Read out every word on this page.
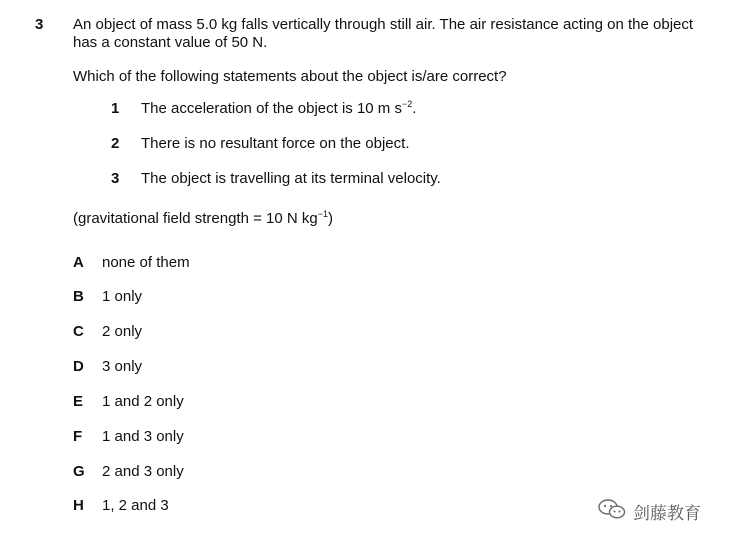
3 An object of mass 5.0 kg falls vertically through still air. The air resistance acting on the object has a constant value of 50 N.
Which of the following statements about the object is/are correct?
1 The acceleration of the object is 10 m $s^{-2}$.
2 There is no resultant force on the object.
3 The object is travelling at its terminal velocity.
(gravitational field strength = 10 N $kg^{-1}$)
A none of them
B 1 only
C 2 only
D 3 only
E 1 and 2 only
F 1 and 3 only
G 2 and 3 only
H 1, 2 and 3	剑藤教育
